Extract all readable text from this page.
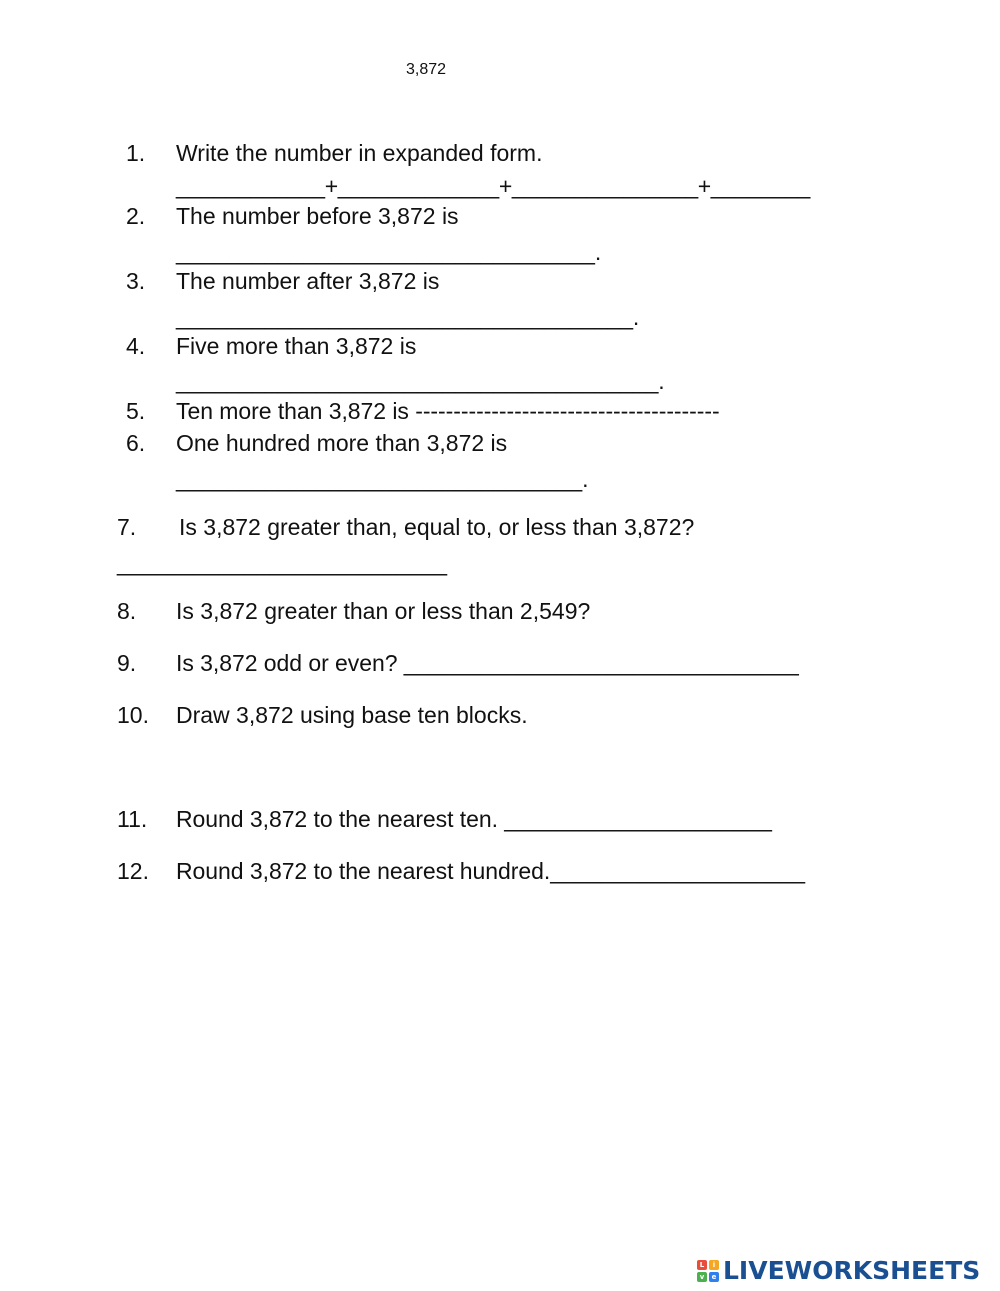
3,872
1. Write the number in expanded form.
____________+_____________+_______________+________
2. The number before 3,872 is
_________________________________.
3. The number after 3,872 is
____________________________________.
4. Five more than 3,872 is
______________________________________.
5. Ten more than 3,872 is ----------------------------------------
6. One hundred more than 3,872 is
________________________________.
7. Is 3,872 greater than, equal to, or less than 3,872?
__________________________
8. Is 3,872 greater than or less than 2,549?
9. Is 3,872 odd or even? _______________________________
10. Draw 3,872 using base ten blocks.
11. Round 3,872 to the nearest ten. _____________________
12. Round 3,872 to the nearest hundred.____________________
L	i
v	e LIVEWORKSHEETS
